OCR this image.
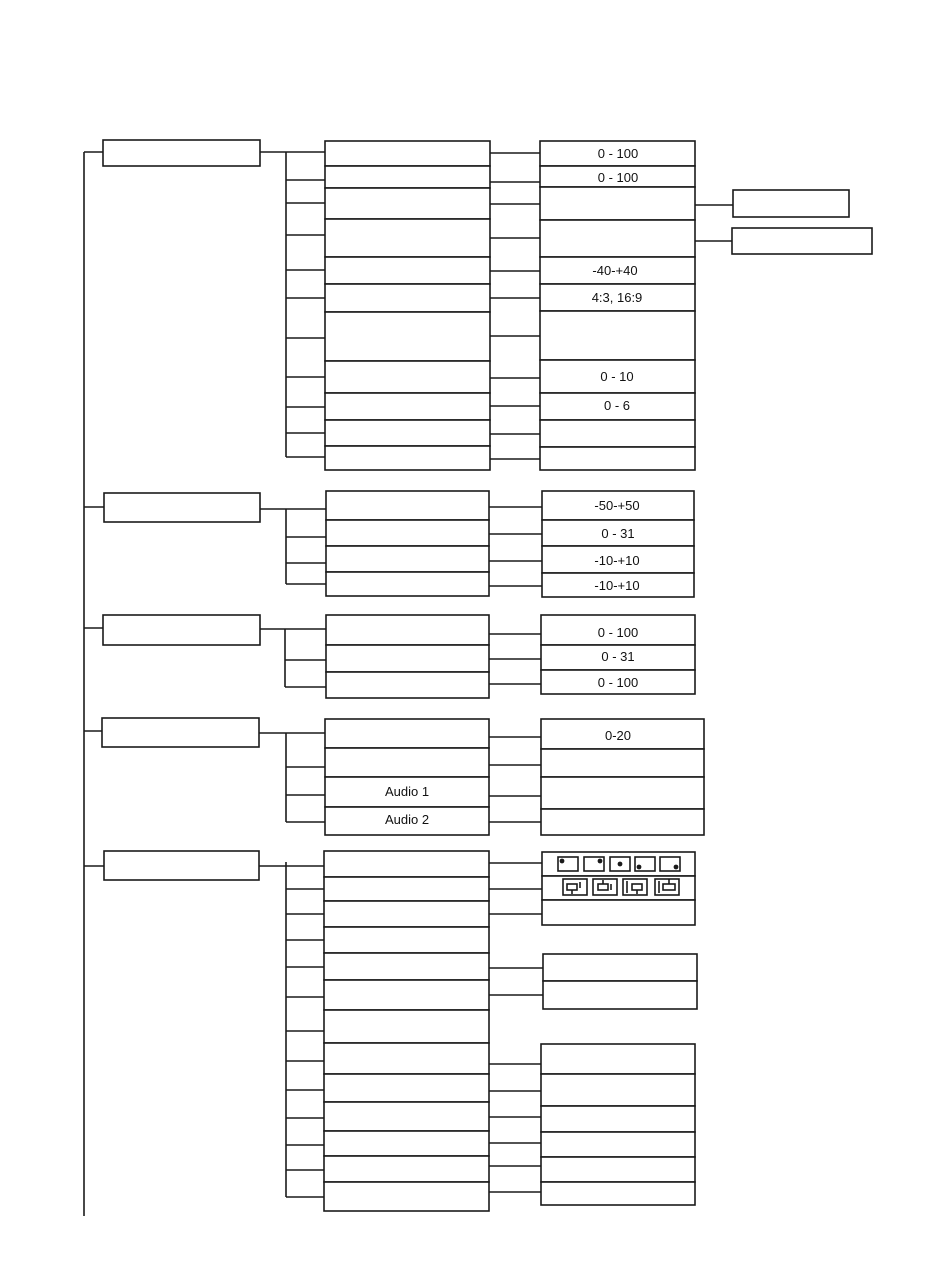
0 - 100
0 - 100
-40-+40
4:3, 16:9
0 - 10
0 - 6
-50-+50
0 - 31
-10-+10
-10-+10
0 - 100
0 - 31
0 - 100
Audio 1
Audio 2
0-20
